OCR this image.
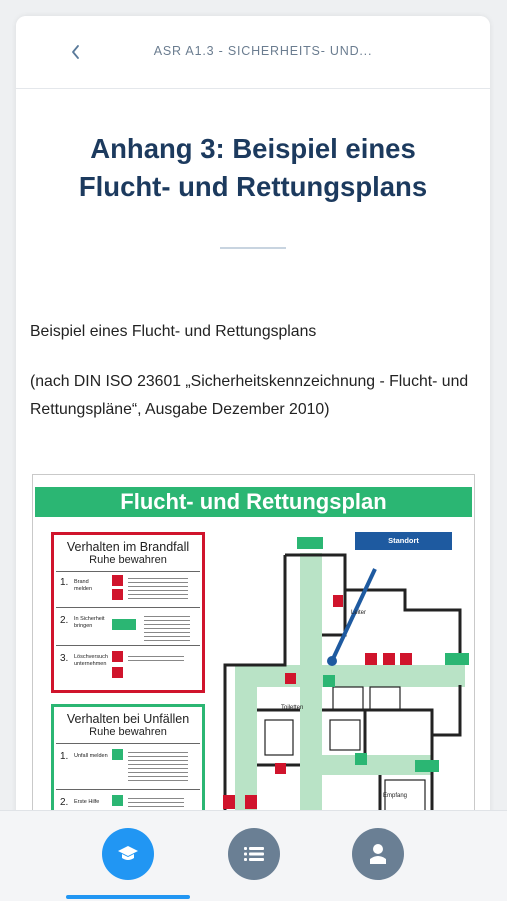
ASR A1.3 - SICHERHEITS- UND...
Anhang 3: Beispiel eines Flucht- und Rettungsplans
Beispiel eines Flucht- und Rettungsplans
(nach DIN ISO 23601 „Sicherheitskennzeichnung - Flucht- und Rettungspläne“, Ausgabe Dezember 2010)
Flucht- und Rettungsplan
Verhalten im Brandfall
Ruhe bewahren
1. Brand melden
2. In Sicherheit bringen
3. Löschversuch unternehmen
Verhalten bei Unfällen
Ruhe bewahren
1. Unfall melden
2. Erste Hilfe
Standort
Leiter
Toiletten
Empfang
